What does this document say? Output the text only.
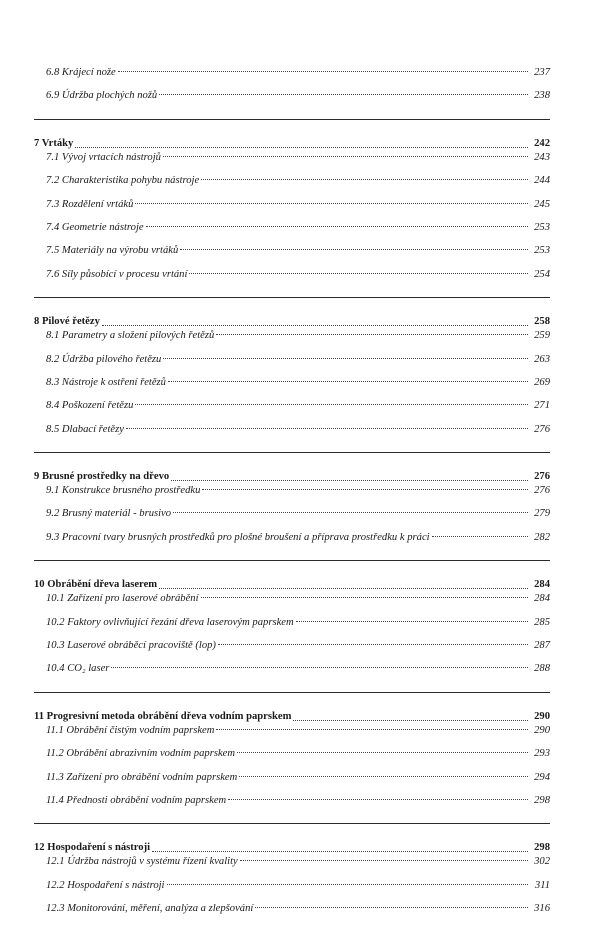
6.8 Krájecí nože	237
6.9 Údržba plochých nožů	238
7 Vrtáky	242
7.1 Vývoj vrtacích nástrojů	243
7.2 Charakteristika pohybu nástroje	244
7.3 Rozdělení vrtáků	245
7.4 Geometrie nástroje	253
7.5 Materiály na výrobu vrtáků	253
7.6 Síly působící v procesu vrtání	254
8 Pilové řetězy	258
8.1 Parametry a složení pilových řetězů	259
8.2 Údržba pilového řetězu	263
8.3 Nástroje k ostření řetězů	269
8.4 Poškození řetězu	271
8.5 Dlabací řetězy	276
9 Brusné prostředky na dřevo	276
9.1 Konstrukce brusného prostředku	276
9.2 Brusný materiál - brusivo	279
9.3 Pracovní tvary brusných prostředků pro plošné broušení a příprava prostředku k práci	282
10 Obrábění dřeva laserem	284
10.1 Zařízení pro laserové obrábění	284
10.2 Faktory ovlivňující řezání dřeva laserovým paprskem	285
10.3 Laserové obráběcí pracoviště (lop)	287
10.4 CO₂ laser	288
11 Progresivní metoda obrábění dřeva vodním paprskem	290
11.1 Obrábění čistým vodním paprskem	290
11.2 Obrábění abrazivním vodním paprskem	293
11.3 Zařízení pro obrábění vodním paprskem	294
11.4 Přednosti obrábění vodním paprskem	298
12 Hospodaření s nástroji	298
12.1 Údržba nástrojů v systému řízení kvality	302
12.2 Hospodaření s nástroji	311
12.3 Monitorování, měření, analýza a zlepšování	316
